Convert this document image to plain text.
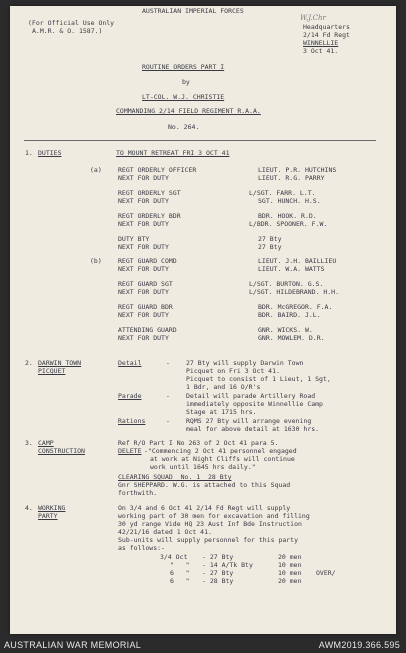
AUSTRALIAN IMPERIAL FORCES
(For Official Use Only
A.M.R. & O. 1587.)
W.J.Chr
Headquarters
2/14 Fd Regt
WINNELLIE
3 Oct 41.
ROUTINE ORDERS PART I
by
LT-COL. W.J. CHRISTIE
COMMANDING 2/14 FIELD REGIMENT R.A.A.
No. 264.
1. DUTIES	TO MOUNT RETREAT FRI 3 OCT 41
(a)
(b)
REGT ORDERLY OFFICER	LIEUT. P.R. HUTCHINS
NEXT FOR DUTY	LIEUT. R.G. PARRY
REGT ORDERLY SGT	L/SGT. FARR. L.T.
NEXT FOR DUTY	SGT. HUNCH. H.S.
REGT ORDERLY BDR	BDR. HOOK. R.D.
NEXT FOR DUTY	L/BDR. SPOONER. F.W.
DUTY BTY	27 Bty
NEXT FOR DUTY	27 Bty
REGT GUARD COMD	LIEUT. J.H. BAILLIEU
NEXT FOR DUTY	LIEUT. W.A. WATTS
REGT GUARD SGT	L/SGT. BURTON. G.S.
NEXT FOR DUTY	L/SGT. HILDEBRAND. H.H.
REGT GUARD BDR	BDR. McGREGOR. F.A.
NEXT FOR DUTY	BDR. BAIRD. J.L.
ATTENDING GUARD	GNR. WICKS. W.
NEXT FOR DUTY	GNR. MOWLEM. D.R.
2. DARWIN TOWN
PICQUET
Detail	- 27 Bty will supply Darwin Town
Picquet on Fri 3 Oct 41.
Picquet to consist of 1 Lieut, 1 Sgt,
1 Bdr, and 16 O/R's
Parade	- Detail will parade Artillery Road
immediately opposite Winnellie Camp
Stage at 1715 hrs.
Rations	- RQMS 27 Bty will arrange evening
meal for above detail at 1630 hrs.
3. CAMP
CONSTRUCTION
Ref R/O Part I No 263 of 2 Oct 41 para 5.
DELETE -"Commencing 2 Oct 41 personnel engaged
at work at Night Cliffs will continue
work until 1645 hrs daily."
CLEARING SQUAD  No. 1  28 Bty
Gnr SHEPPARD. W.G. is attached to this Squad
forthwith.
4. WORKING
PARTY
On 3/4 and 6 Oct 41 2/14 Fd Regt will supply
working part of 30 men for excavation and filling
30 yd range Vide HQ 23 Aust Inf Bde Instruction
42/21/16 dated 1 Oct 41.
Sub-units will supply personnel for this party
as follows:-
3/4 Oct - 27 Bty	20 men
"   " - 14 A/Tk Bty	10 men
6   " - 27 Bty	10 men OVER/
6   " - 28 Bty	20 men
AUSTRALIAN WAR MEMORIAL	AWM2019.366.595
